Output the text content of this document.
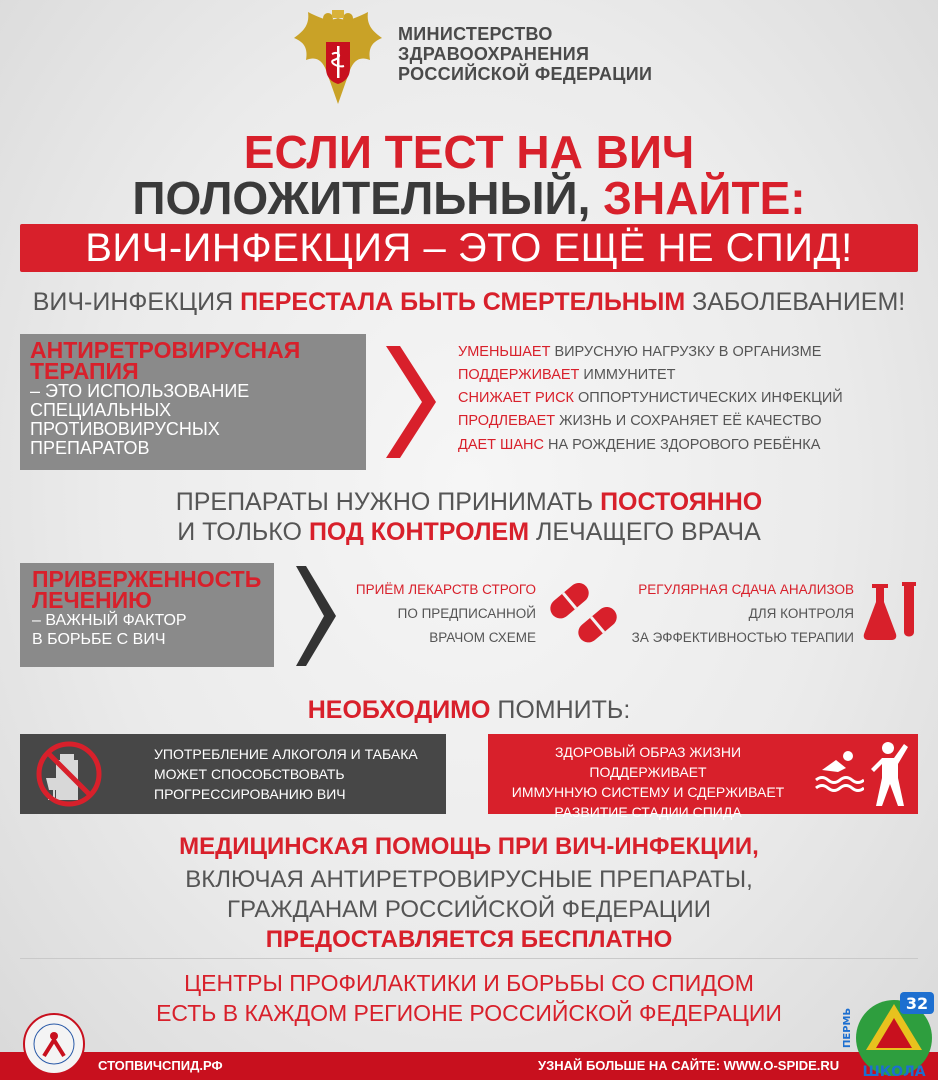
МИНИСТЕРСТВО
ЗДРАВООХРАНЕНИЯ
РОССИЙСКОЙ ФЕДЕРАЦИИ
ЕСЛИ ТЕСТ НА ВИЧ
ПОЛОЖИТЕЛЬНЫЙ, ЗНАЙТЕ:
ВИЧ-ИНФЕКЦИЯ – ЭТО ЕЩЁ НЕ СПИД!
ВИЧ-ИНФЕКЦИЯ ПЕРЕСТАЛА БЫТЬ СМЕРТЕЛЬНЫМ ЗАБОЛЕВАНИЕМ!
АНТИРЕТРОВИРУСНАЯ
ТЕРАПИЯ
– ЭТО ИСПОЛЬЗОВАНИЕ
СПЕЦИАЛЬНЫХ
ПРОТИВОВИРУСНЫХ
ПРЕПАРАТОВ
УМЕНЬШАЕТ ВИРУСНУЮ НАГРУЗКУ В ОРГАНИЗМЕ
ПОДДЕРЖИВАЕТ ИММУНИТЕТ
СНИЖАЕТ РИСК ОППОРТУНИСТИЧЕСКИХ ИНФЕКЦИЙ
ПРОДЛЕВАЕТ ЖИЗНЬ И СОХРАНЯЕТ ЕЁ КАЧЕСТВО
ДАЕТ ШАНС НА РОЖДЕНИЕ ЗДОРОВОГО РЕБЁНКА
ПРЕПАРАТЫ НУЖНО ПРИНИМАТЬ ПОСТОЯННО
И ТОЛЬКО ПОД КОНТРОЛЕМ ЛЕЧАЩЕГО ВРАЧА
ПРИВЕРЖЕННОСТЬ
ЛЕЧЕНИЮ
– ВАЖНЫЙ ФАКТОР
В БОРЬБЕ С ВИЧ
ПРИЁМ ЛЕКАРСТВ СТРОГО
ПО ПРЕДПИСАННОЙ
ВРАЧОМ СХЕМЕ
РЕГУЛЯРНАЯ СДАЧА АНАЛИЗОВ
ДЛЯ КОНТРОЛЯ
ЗА ЭФФЕКТИВНОСТЬЮ ТЕРАПИИ
НЕОБХОДИМО ПОМНИТЬ:
УПОТРЕБЛЕНИЕ АЛКОГОЛЯ И ТАБАКА
МОЖЕТ СПОСОБСТВОВАТЬ
ПРОГРЕССИРОВАНИЮ ВИЧ
ЗДОРОВЫЙ ОБРАЗ ЖИЗНИ ПОДДЕРЖИВАЕТ
ИММУННУЮ СИСТЕМУ И СДЕРЖИВАЕТ
РАЗВИТИЕ СТАДИИ СПИДА
МЕДИЦИНСКАЯ ПОМОЩЬ ПРИ ВИЧ-ИНФЕКЦИИ,
ВКЛЮЧАЯ АНТИРЕТРОВИРУСНЫЕ ПРЕПАРАТЫ,
ГРАЖДАНАМ РОССИЙСКОЙ ФЕДЕРАЦИИ
ПРЕДОСТАВЛЯЕТСЯ БЕСПЛАТНО
ЦЕНТРЫ ПРОФИЛАКТИКИ И БОРЬБЫ СО СПИДОМ
ЕСТЬ В КАЖДОМ РЕГИОНЕ РОССИЙСКОЙ ФЕДЕРАЦИИ
СТОПВИЧСПИД.РФ	УЗНАЙ БОЛЬШЕ НА САЙТЕ: WWW.O-SPIDE.RU
32
ПЕРМЬ
ШКОЛА
